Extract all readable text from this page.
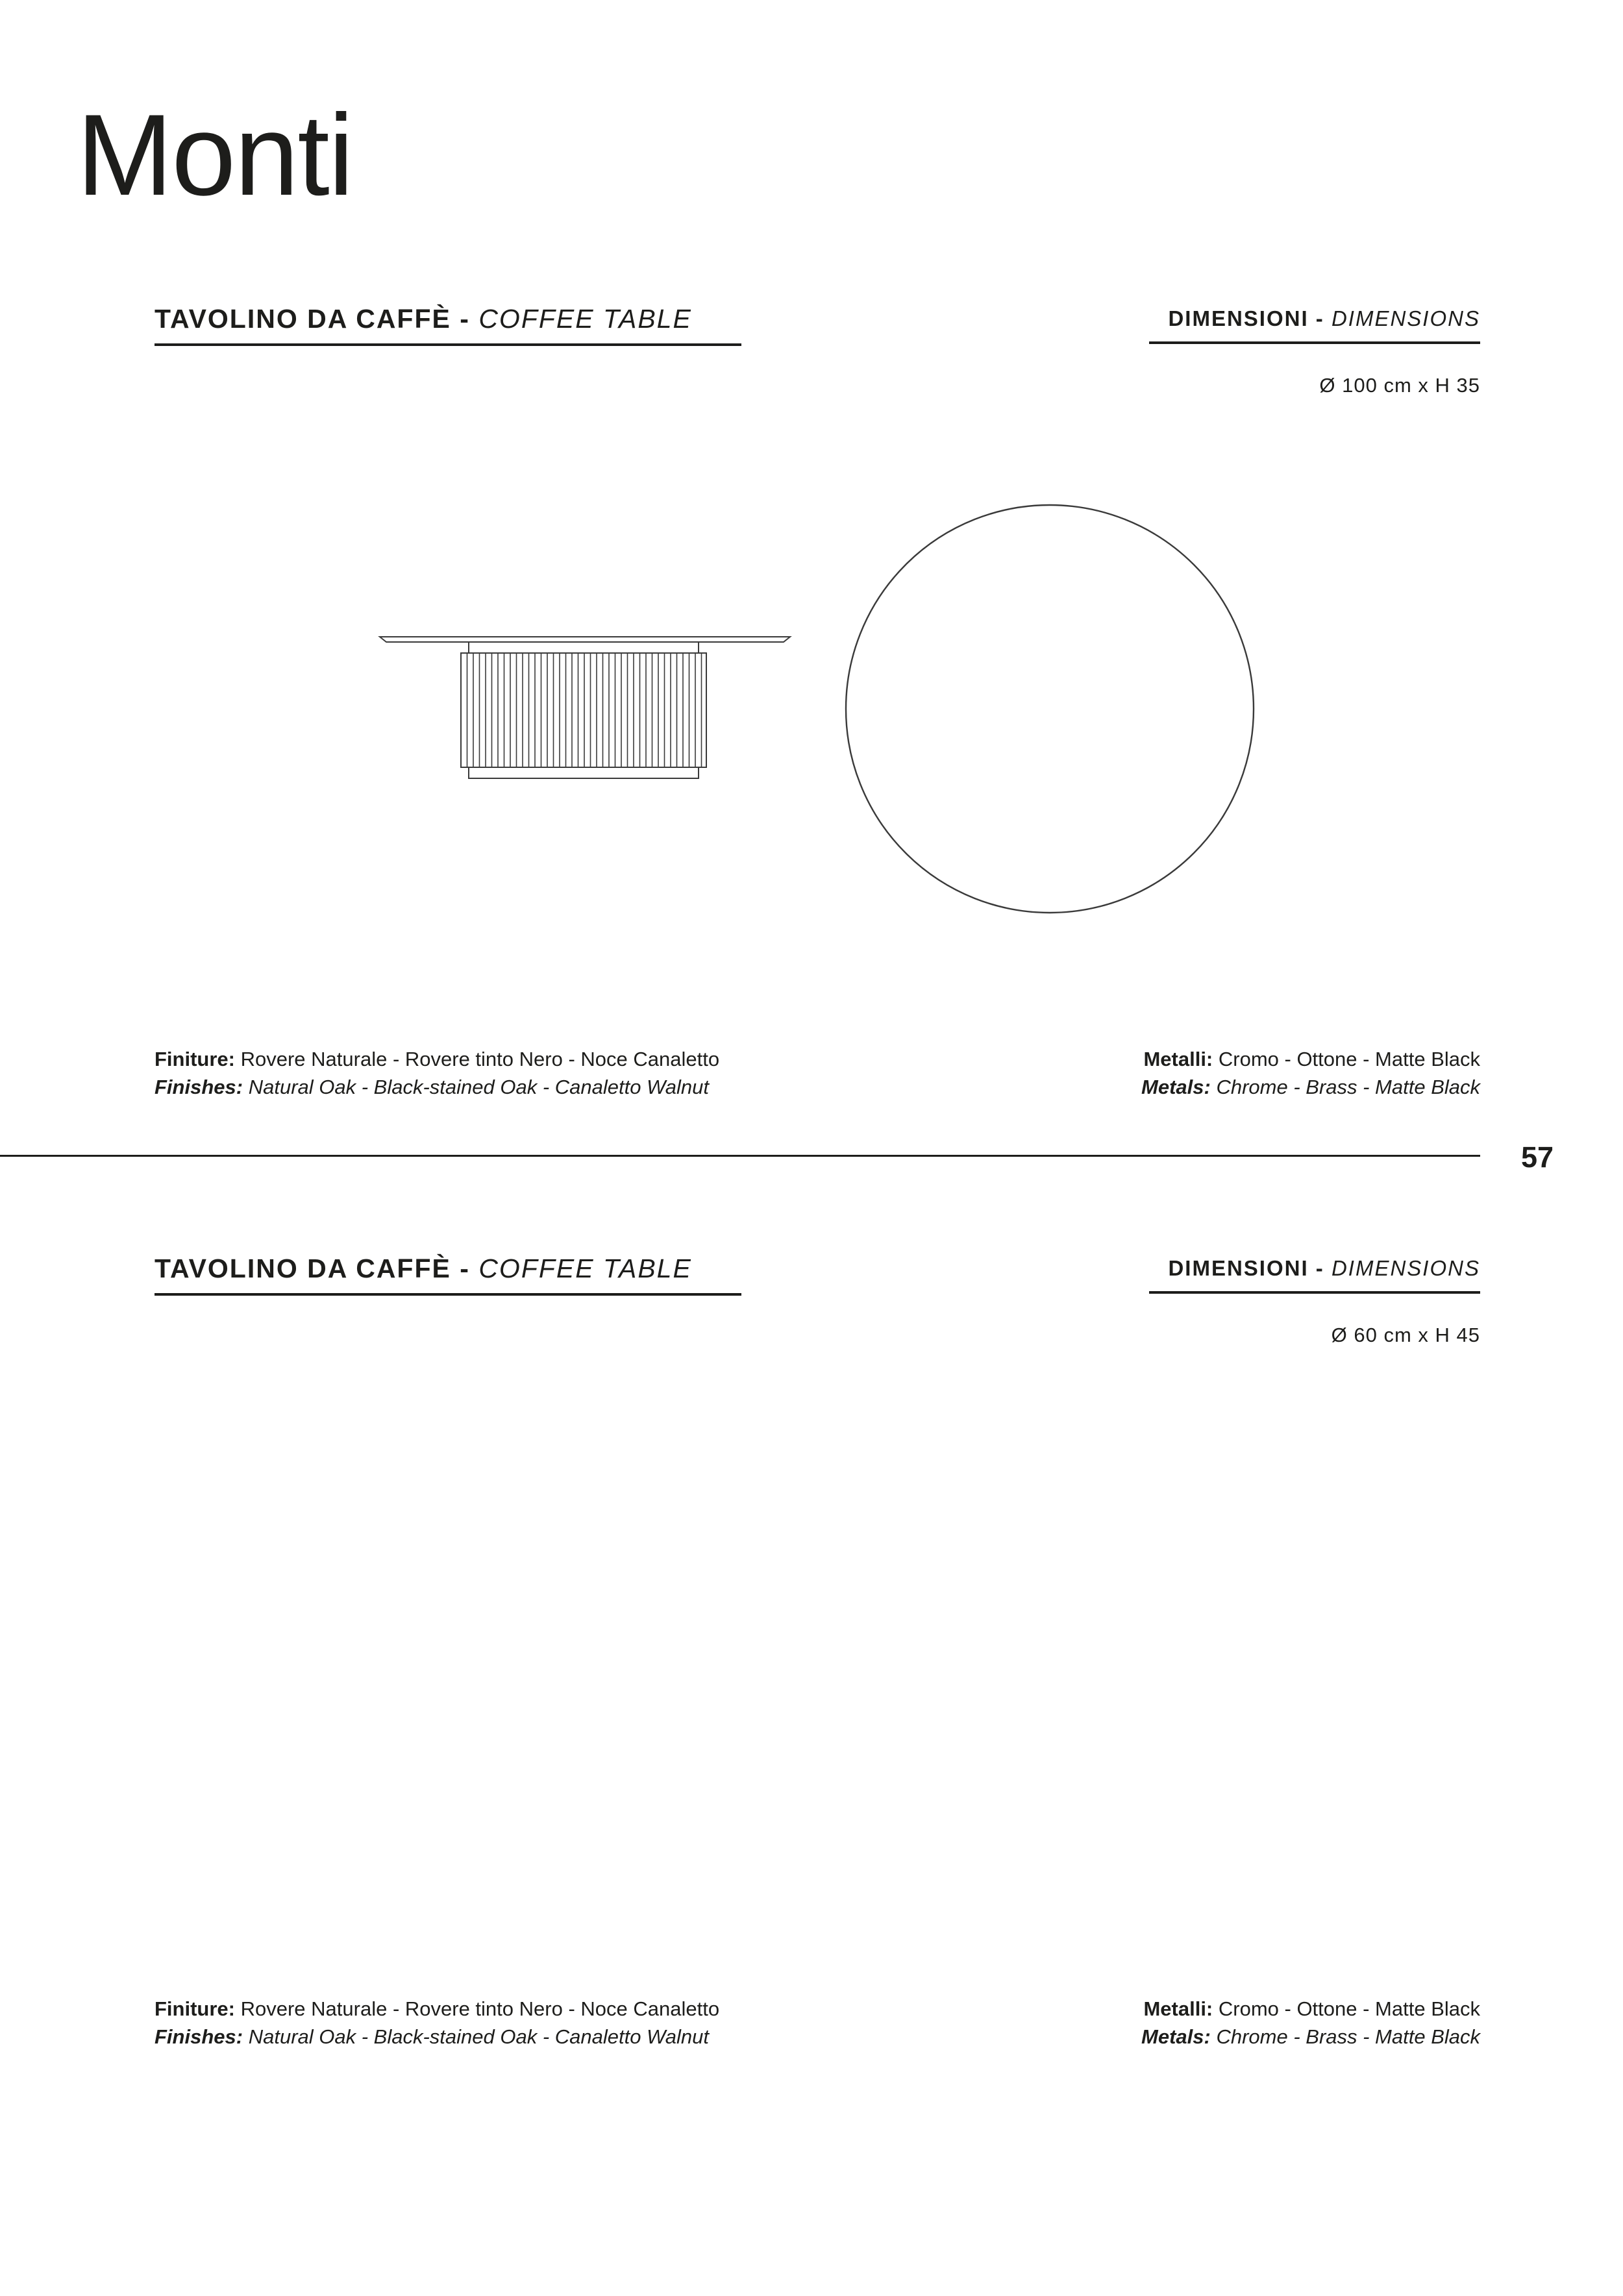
Monti
TAVOLINO DA CAFFÈ - COFFEE TABLE	DIMENSIONI - DIMENSIONS
Ø 100 cm x H 35
Finiture: Rovere Naturale - Rovere tinto Nero - Noce Canaletto
Finishes: Natural Oak - Black-stained Oak - Canaletto Walnut
Metalli: Cromo - Ottone - Matte Black
Metals: Chrome - Brass - Matte Black
57
TAVOLINO DA CAFFÈ - COFFEE TABLE	DIMENSIONI - DIMENSIONS
Ø 60 cm x H 45
Finiture: Rovere Naturale - Rovere tinto Nero - Noce Canaletto
Finishes: Natural Oak - Black-stained Oak - Canaletto Walnut
Metalli: Cromo - Ottone - Matte Black
Metals: Chrome - Brass - Matte Black
